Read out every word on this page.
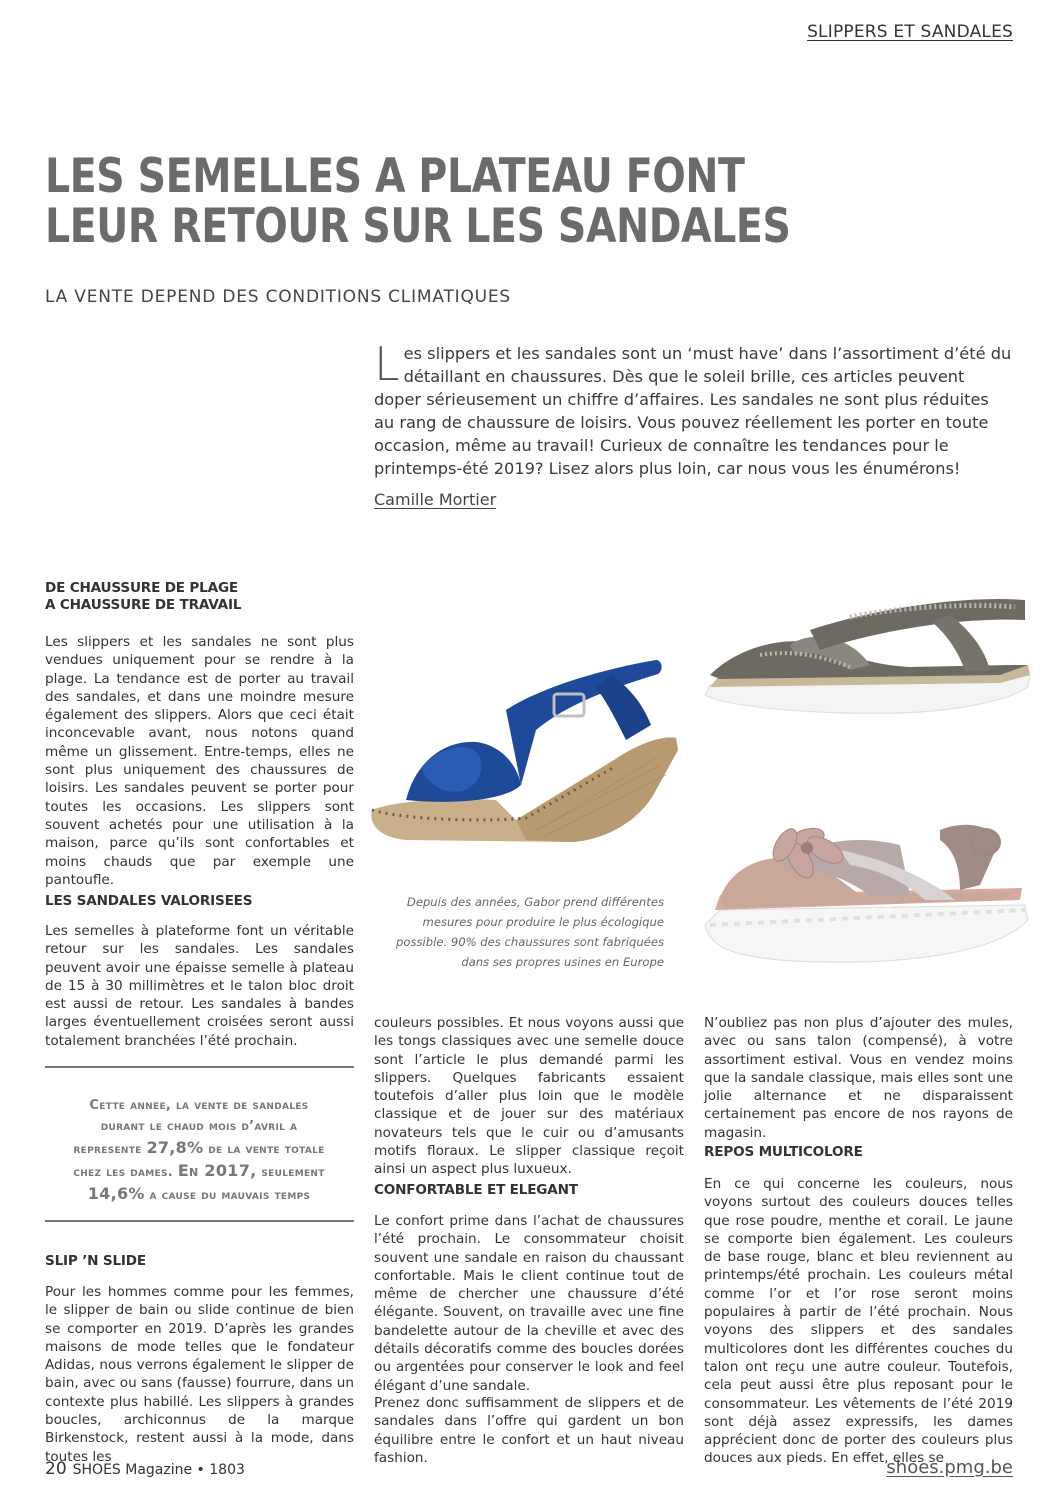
SLIPPERS ET SANDALES
LES SEMELLES A PLATEAU FONT
LEUR RETOUR SUR LES SANDALES
LA VENTE DEPEND DES CONDITIONS CLIMATIQUES
Les slippers et les sandales sont un ‘must have’ dans l’assortiment d’été du détaillant en chaussures. Dès que le soleil brille, ces articles peuvent doper sérieusement un chiffre d’affaires. Les sandales ne sont plus réduites au rang de chaussure de loisirs. Vous pouvez réellement les porter en toute occasion, même au travail! Curieux de connaître les tendances pour le printemps-été 2019? Lisez alors plus loin, car nous vous les énumérons!
Camille Mortier
DE CHAUSSURE DE PLAGE
A CHAUSSURE DE TRAVAIL
Les slippers et les sandales ne sont plus vendues uniquement pour se rendre à la plage. La tendance est de porter au travail des sandales, et dans une moindre mesure également des slippers. Alors que ceci était inconcevable avant, nous notons quand même un glissement. Entre-temps, elles ne sont plus uniquement des chaussures de loisirs. Les sandales peuvent se porter pour toutes les occasions. Les slippers sont souvent achetés pour une utilisation à la maison, parce qu’ils sont confortables et moins chauds que par exemple une pantoufle.
LES SANDALES VALORISEES
Les semelles à plateforme font un véritable retour sur les sandales. Les sandales peuvent avoir une épaisse semelle à plateau de 15 à 30 millimètres et le talon bloc droit est aussi de retour. Les sandales à bandes larges éventuellement croisées seront aussi totalement branchées l’été prochain.
Cette annee, la vente de sandales
durant le chaud mois d’avril a
represente 27,8% de la vente totale
chez les dames. En 2017, seulement
14,6% a cause du mauvais temps
SLIP ’N SLIDE
Pour les hommes comme pour les femmes, le slipper de bain ou slide continue de bien se comporter en 2019. D’après les grandes maisons de mode telles que le fondateur Adidas, nous verrons également le slipper de bain, avec ou sans (fausse) fourrure, dans un contexte plus habillé. Les slippers à grandes boucles, archiconnus de la marque Birkenstock, restent aussi à la mode, dans toutes les
Depuis des années, Gabor prend différentes mesures pour produire le plus écologique possible. 90% des chaussures sont fabriquées dans ses propres usines en Europe
couleurs possibles. Et nous voyons aussi que les tongs classiques avec une semelle douce sont l’article le plus demandé parmi les slippers. Quelques fabricants essaient toutefois d’aller plus loin que le modèle classique et de jouer sur des matériaux novateurs tels que le cuir ou d’amusants motifs floraux. Le slipper classique reçoit ainsi un aspect plus luxueux.
CONFORTABLE ET ELEGANT
Le confort prime dans l’achat de chaussures l’été prochain. Le consommateur choisit souvent une sandale en raison du chaussant confortable. Mais le client continue tout de même de chercher une chaussure d’été élégante. Souvent, on travaille avec une fine bandelette autour de la cheville et avec des détails décoratifs comme des boucles dorées ou argentées pour conserver le look and feel élégant d’une sandale.
Prenez donc suffisamment de slippers et de sandales dans l’offre qui gardent un bon équilibre entre le confort et un haut niveau fashion.
N’oubliez pas non plus d’ajouter des mules, avec ou sans talon (compensé), à votre assortiment estival. Vous en vendez moins que la sandale classique, mais elles sont une jolie alternance et ne disparaissent certainement pas encore de nos rayons de magasin.
REPOS MULTICOLORE
En ce qui concerne les couleurs, nous voyons surtout des couleurs douces telles que rose poudre, menthe et corail. Le jaune se comporte bien également. Les couleurs de base rouge, blanc et bleu reviennent au printemps/été prochain. Les couleurs métal comme l’or et l’or rose seront moins populaires à partir de l’été prochain. Nous voyons des slippers et des sandales multicolores dont les différentes couches du talon ont reçu une autre couleur. Toutefois, cela peut aussi être plus reposant pour le consommateur. Les vêtements de l’été 2019 sont déjà assez expressifs, les dames apprécient donc de porter des couleurs plus douces aux pieds. En effet, elles se
20 SHOES Magazine • 1803	shoes.pmg.be
